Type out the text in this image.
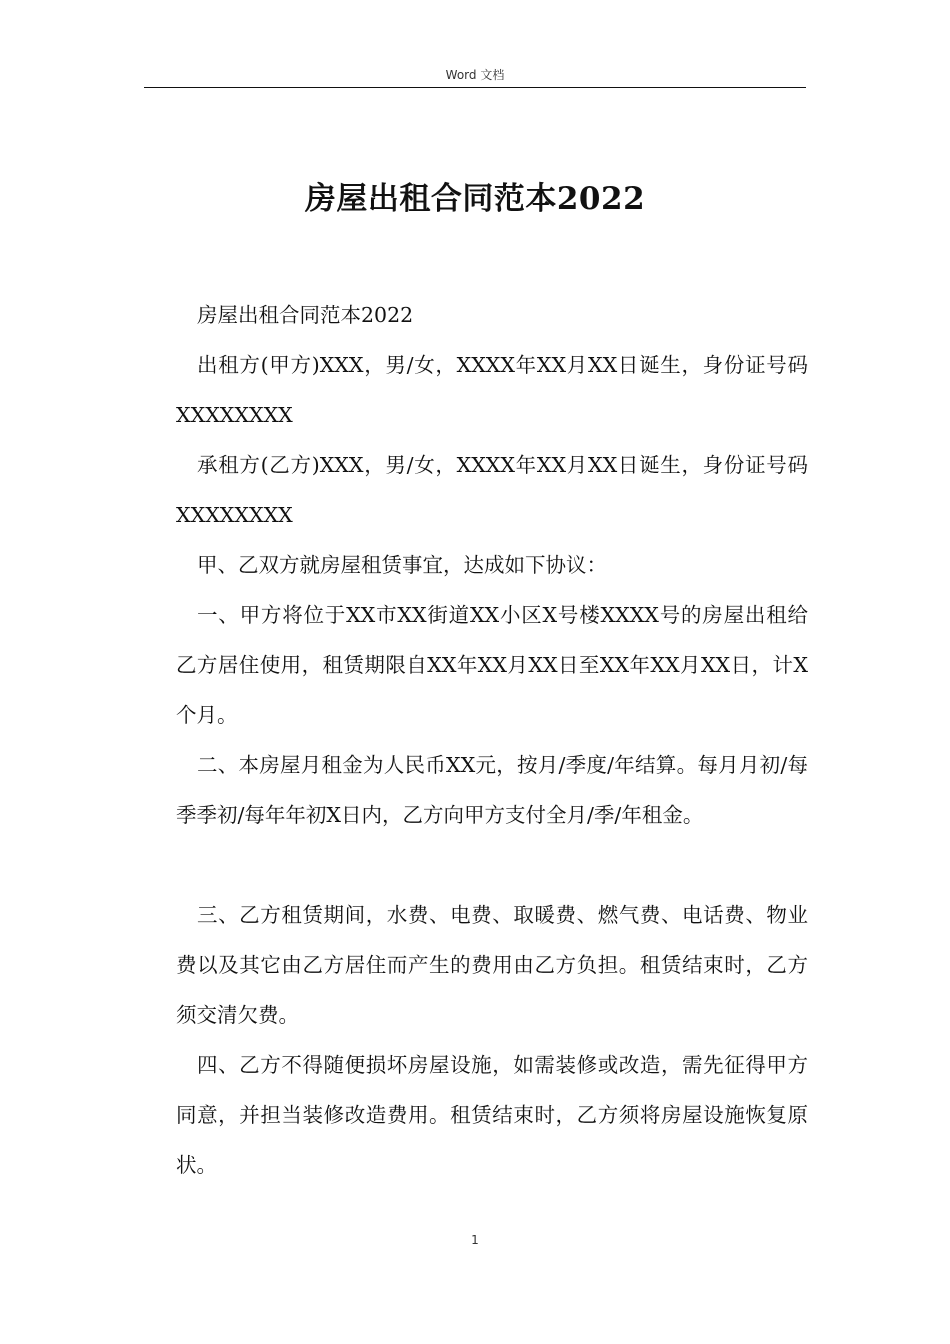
Word 文档
房屋出租合同范本2022

房屋出租合同范本2022

出租方(甲方)XXX，男/女，XXXX年XX月XX日诞生，身份证号码XXXXXXXX

承租方(乙方)XXX，男/女，XXXX年XX月XX日诞生，身份证号码XXXXXXXX

甲、乙双方就房屋租赁事宜，达成如下协议：

一、甲方将位于XX市XX街道XX小区X号楼XXXX号的房屋出租给乙方居住使用，租赁期限自XX年XX月XX日至XX年XX月XX日，计X个月。

二、本房屋月租金为人民币XX元，按月/季度/年结算。每月月初/每季季初/每年年初X日内，乙方向甲方支付全月/季/年租金。

三、乙方租赁期间，水费、电费、取暖费、燃气费、电话费、物业费以及其它由乙方居住而产生的费用由乙方负担。租赁结束时，乙方须交清欠费。

四、乙方不得随便损坏房屋设施，如需装修或改造，需先征得甲方同意，并担当装修改造费用。租赁结束时，乙方须将房屋设施恢复原状。

1
